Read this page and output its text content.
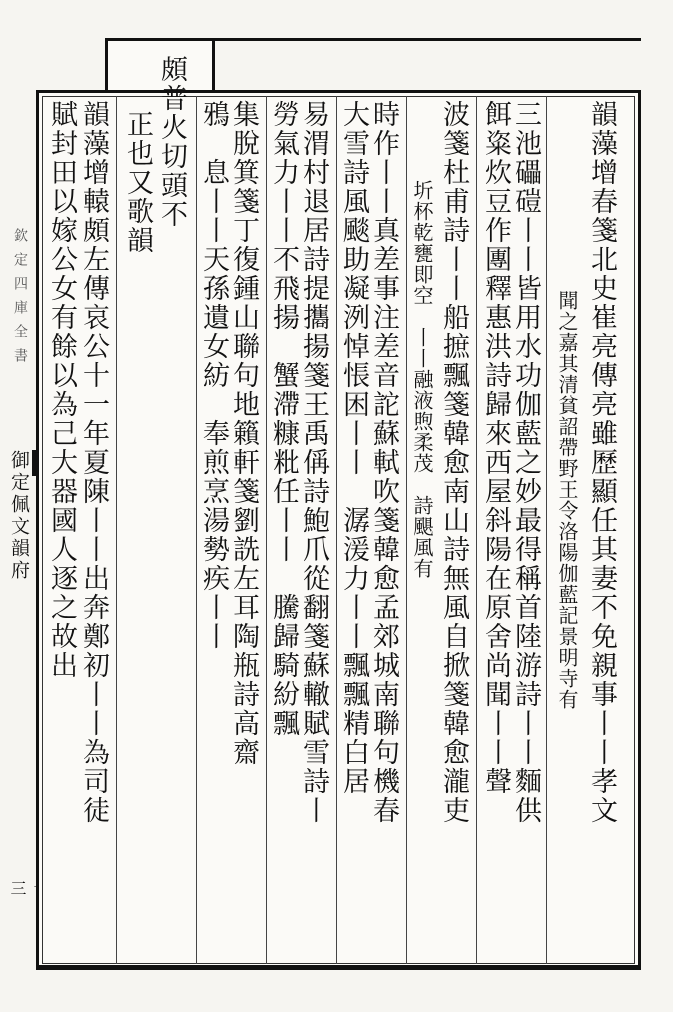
欽定四庫全書
御定佩文韻府
三
韻藻增春箋北史崔亮傳亮雖歷顯任其妻不免親事丨丨孝文
聞之嘉其清貧詔帶野王令洛陽伽藍記景明寺有
三池礧磑丨丨皆用水功伽藍之妙最得稱首陸游詩丨丨麵供
餌粢炊豆作團釋惠洪詩歸來西屋斜陽在原舍尚聞丨丨聲
波箋杜甫詩丨丨船摭飄箋韓愈南山詩無風自掀箋韓愈瀧吏
圻杯乾甕即空　丨丨融液煦柔茂　詩颶風有
時作丨丨真差事注差音詑蘇軾吹箋韓愈孟郊城南聯句機春
大雪詩風颷助凝洌悼悵困丨丨　潺湲力丨丨飄飄精白居
易渭村退居詩提攜揚箋王禹偁詩鮑爪從翻箋蘇轍賦雪詩丨
勞氣力丨丨不飛揚　蟹滯糠粃任丨丨　騰歸騎紛飄
集脫箕箋丁復鍾山聯句地籟軒箋劉詵左耳陶瓶詩高齋
鴉　息丨丨天孫遺女紡　奉煎烹湯勢疾丨丨
頗普火切頭不
正也又歌韻
韻藻增轅頗左傳哀公十一年夏陳丨丨出奔鄭初丨丨為司徒
賦封田以嫁公女有餘以為己大器國人逐之故出
